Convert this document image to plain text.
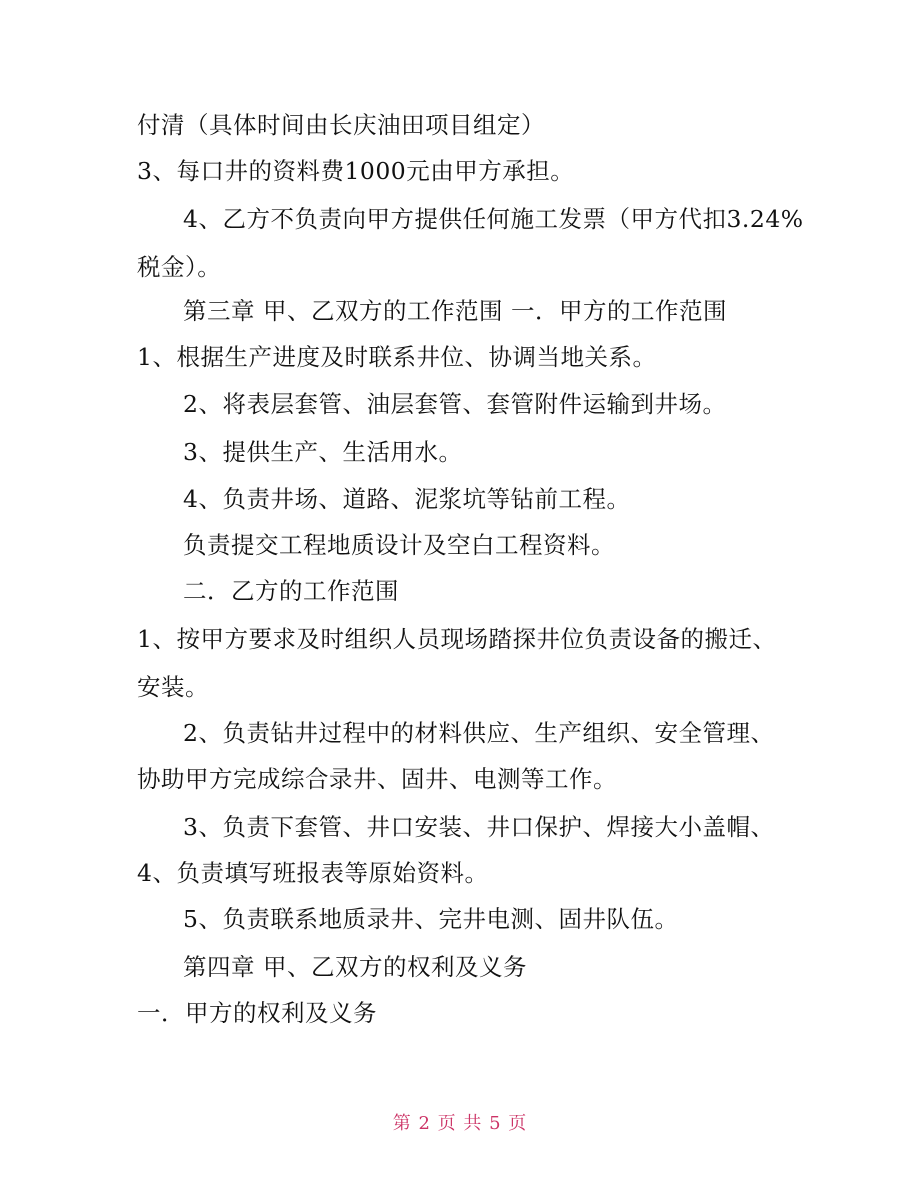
付清（具体时间由长庆油田项目组定）
3、每口井的资料费1000元由甲方承担。
4、乙方不负责向甲方提供任何施工发票（甲方代扣3.24%
税金）。
第三章 甲、乙双方的工作范围 一．甲方的工作范围
1、根据生产进度及时联系井位、协调当地关系。
2、将表层套管、油层套管、套管附件运输到井场。
3、提供生产、生活用水。
4、负责井场、道路、泥浆坑等钻前工程。
负责提交工程地质设计及空白工程资料。
二．乙方的工作范围
1、按甲方要求及时组织人员现场踏探井位负责设备的搬迁、
安装。
2、负责钻井过程中的材料供应、生产组织、安全管理、
协助甲方完成综合录井、固井、电测等工作。
3、负责下套管、井口安装、井口保护、焊接大小盖帽、
4、负责填写班报表等原始资料。
5、负责联系地质录井、完井电测、固井队伍。
第四章 甲、乙双方的权利及义务
一．甲方的权利及义务
第 2 页 共 5 页
